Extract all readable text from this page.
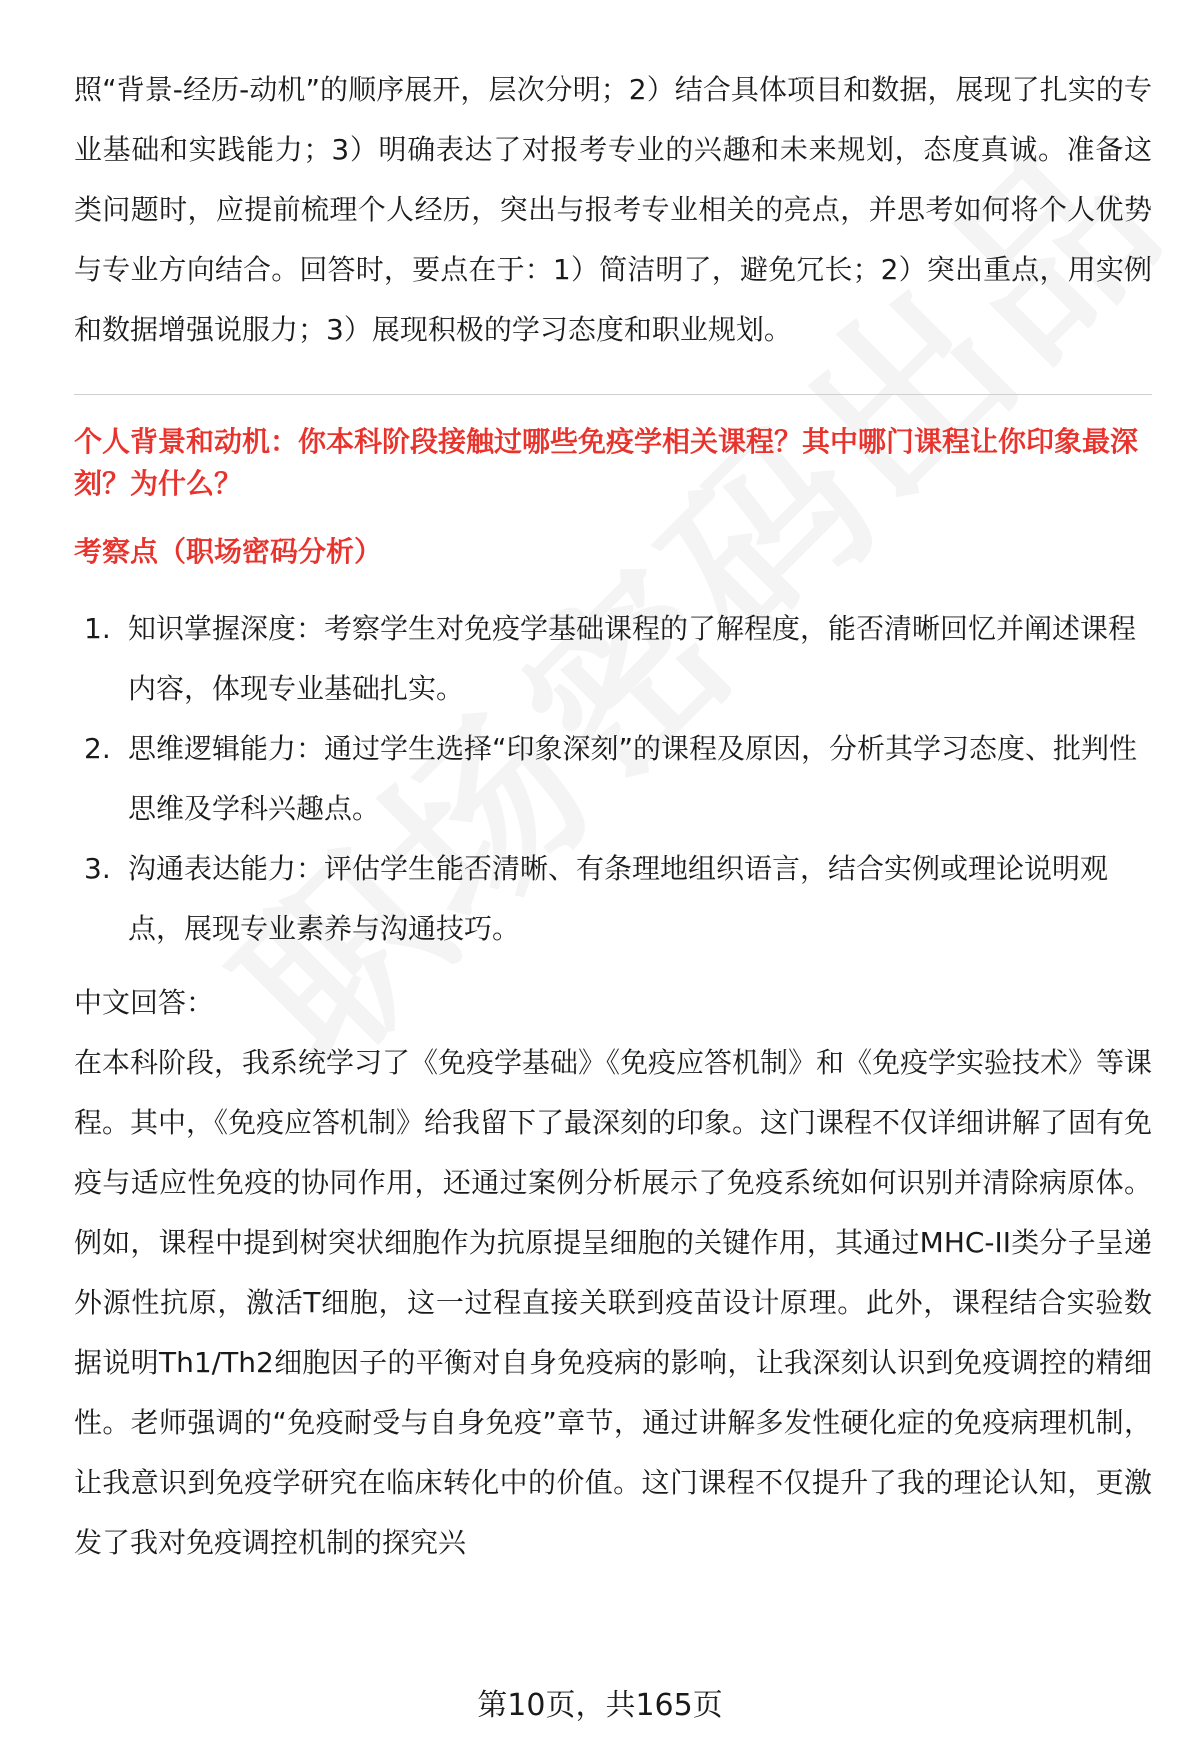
照“背景-经历-动机”的顺序展开，层次分明；2）结合具体项目和数据，展现了扎实的专业基础和实践能力；3）明确表达了对报考专业的兴趣和未来规划，态度真诚。准备这类问题时，应提前梳理个人经历，突出与报考专业相关的亮点，并思考如何将个人优势与专业方向结合。回答时，要点在于：1）简洁明了，避免冗长；2）突出重点，用实例和数据增强说服力；3）展现积极的学习态度和职业规划。

个人背景和动机：你本科阶段接触过哪些免疫学相关课程？其中哪门课程让你印象最深刻？为什么？

考察点（职场密码分析）

1. 知识掌握深度：考察学生对免疫学基础课程的了解程度，能否清晰回忆并阐述课程内容，体现专业基础扎实。
2. 思维逻辑能力：通过学生选择“印象深刻”的课程及原因，分析其学习态度、批判性思维及学科兴趣点。
3. 沟通表达能力：评估学生能否清晰、有条理地组织语言，结合实例或理论说明观点，展现专业素养与沟通技巧。

中文回答：

在本科阶段，我系统学习了《免疫学基础》《免疫应答机制》和《免疫学实验技术》等课程。其中，《免疫应答机制》给我留下了最深刻的印象。这门课程不仅详细讲解了固有免疫与适应性免疫的协同作用，还通过案例分析展示了免疫系统如何识别并清除病原体。例如，课程中提到树突状细胞作为抗原提呈细胞的关键作用，其通过MHC-II类分子呈递外源性抗原，激活T细胞，这一过程直接关联到疫苗设计原理。此外，课程结合实验数据说明Th1/Th2细胞因子的平衡对自身免疫病的影响，让我深刻认识到免疫调控的精细性。老师强调的“免疫耐受与自身免疫”章节，通过讲解多发性硬化症的免疫病理机制，让我意识到免疫学研究在临床转化中的价值。这门课程不仅提升了我的理论认知，更激发了我对免疫调控机制的探究兴

第10页，共165页
